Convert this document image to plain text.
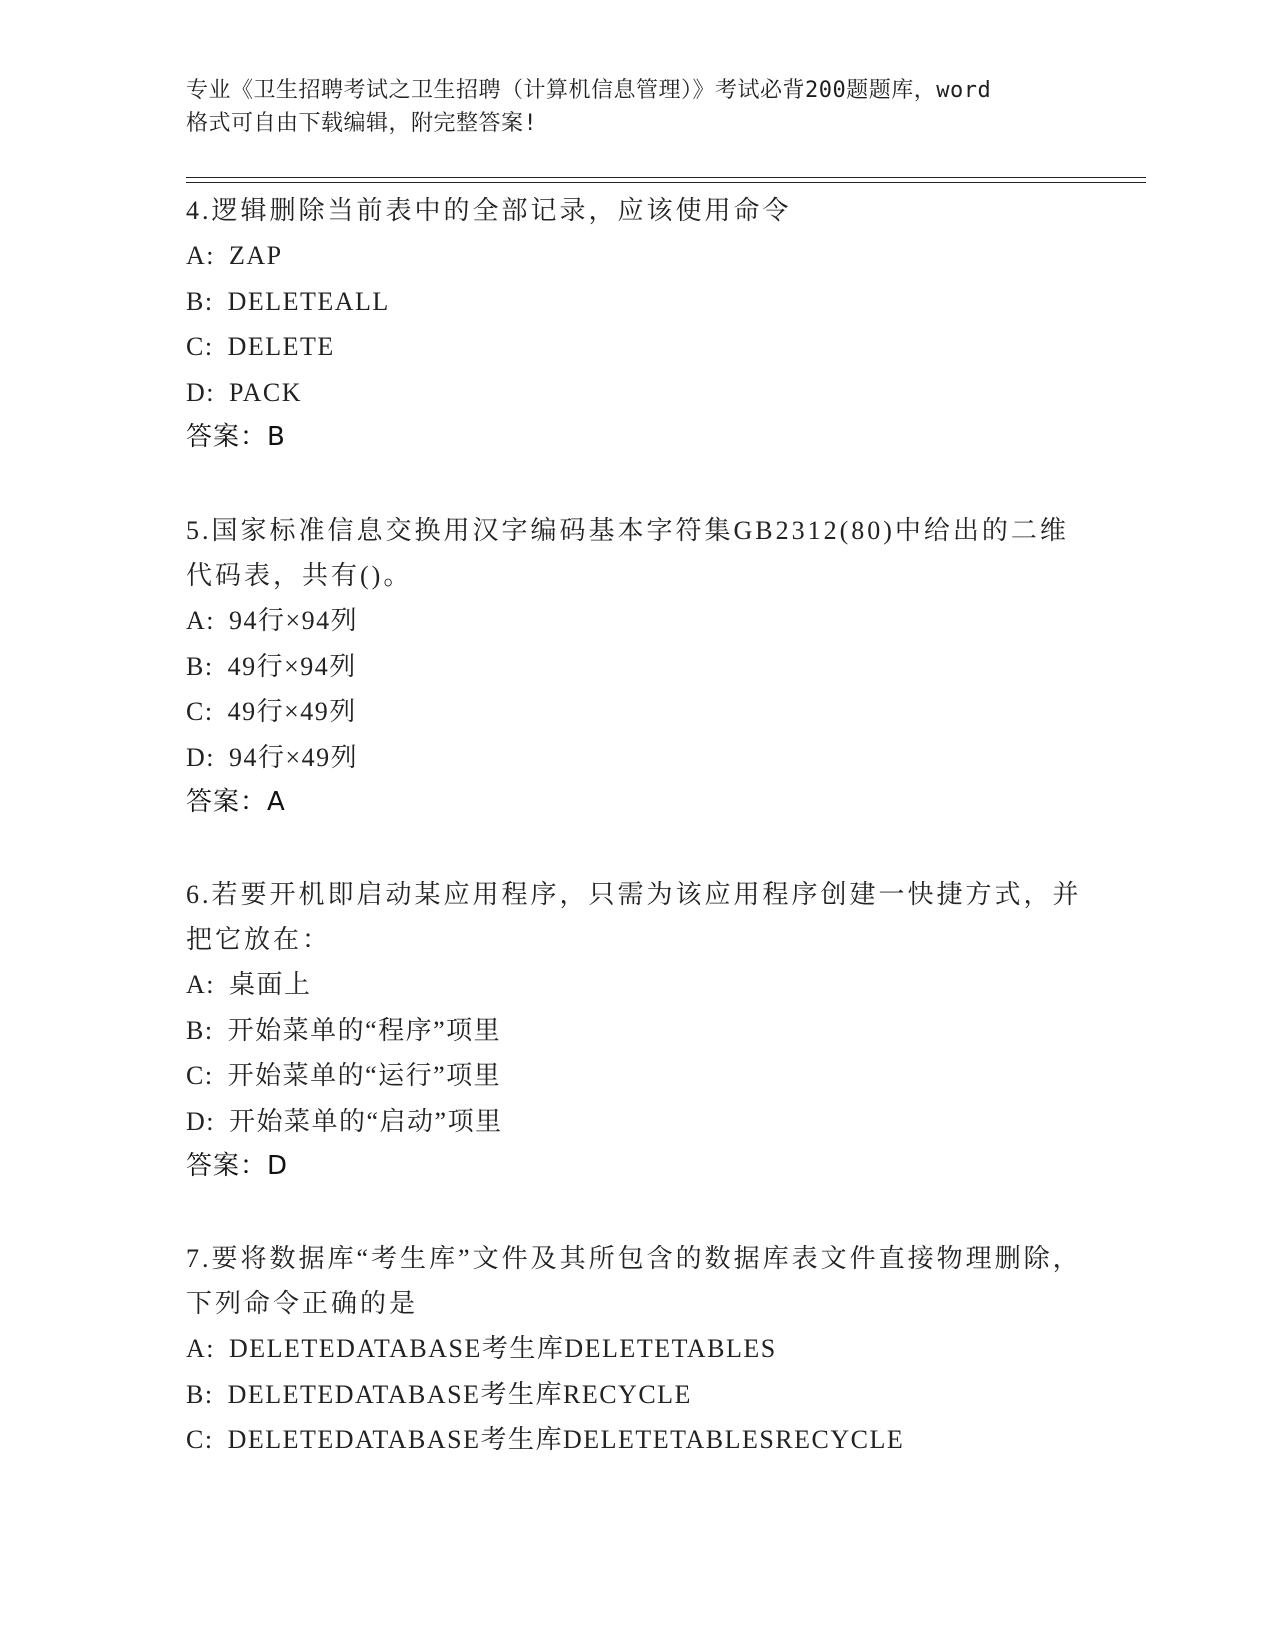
专业《卫生招聘考试之卫生招聘（计算机信息管理）》考试必背200题题库，word
格式可自由下载编辑，附完整答案!
4.逻辑删除当前表中的全部记录，应该使用命令
A: ZAP
B: DELETEALL
C: DELETE
D: PACK
答案：B
5.国家标准信息交换用汉字编码基本字符集GB2312(80)中给出的二维代码表，共有()。
A: 94行×94列
B: 49行×94列
C: 49行×49列
D: 94行×49列
答案：A
6.若要开机即启动某应用程序，只需为该应用程序创建一快捷方式，并把它放在：
A: 桌面上
B: 开始菜单的“程序”项里
C: 开始菜单的“运行”项里
D: 开始菜单的“启动”项里
答案：D
7.要将数据库“考生库”文件及其所包含的数据库表文件直接物理删除，下列命令正确的是
A: DELETEDATABASE考生库DELETETABLES
B: DELETEDATABASE考生库RECYCLE
C: DELETEDATABASE考生库DELETETABLESRECYCLE
